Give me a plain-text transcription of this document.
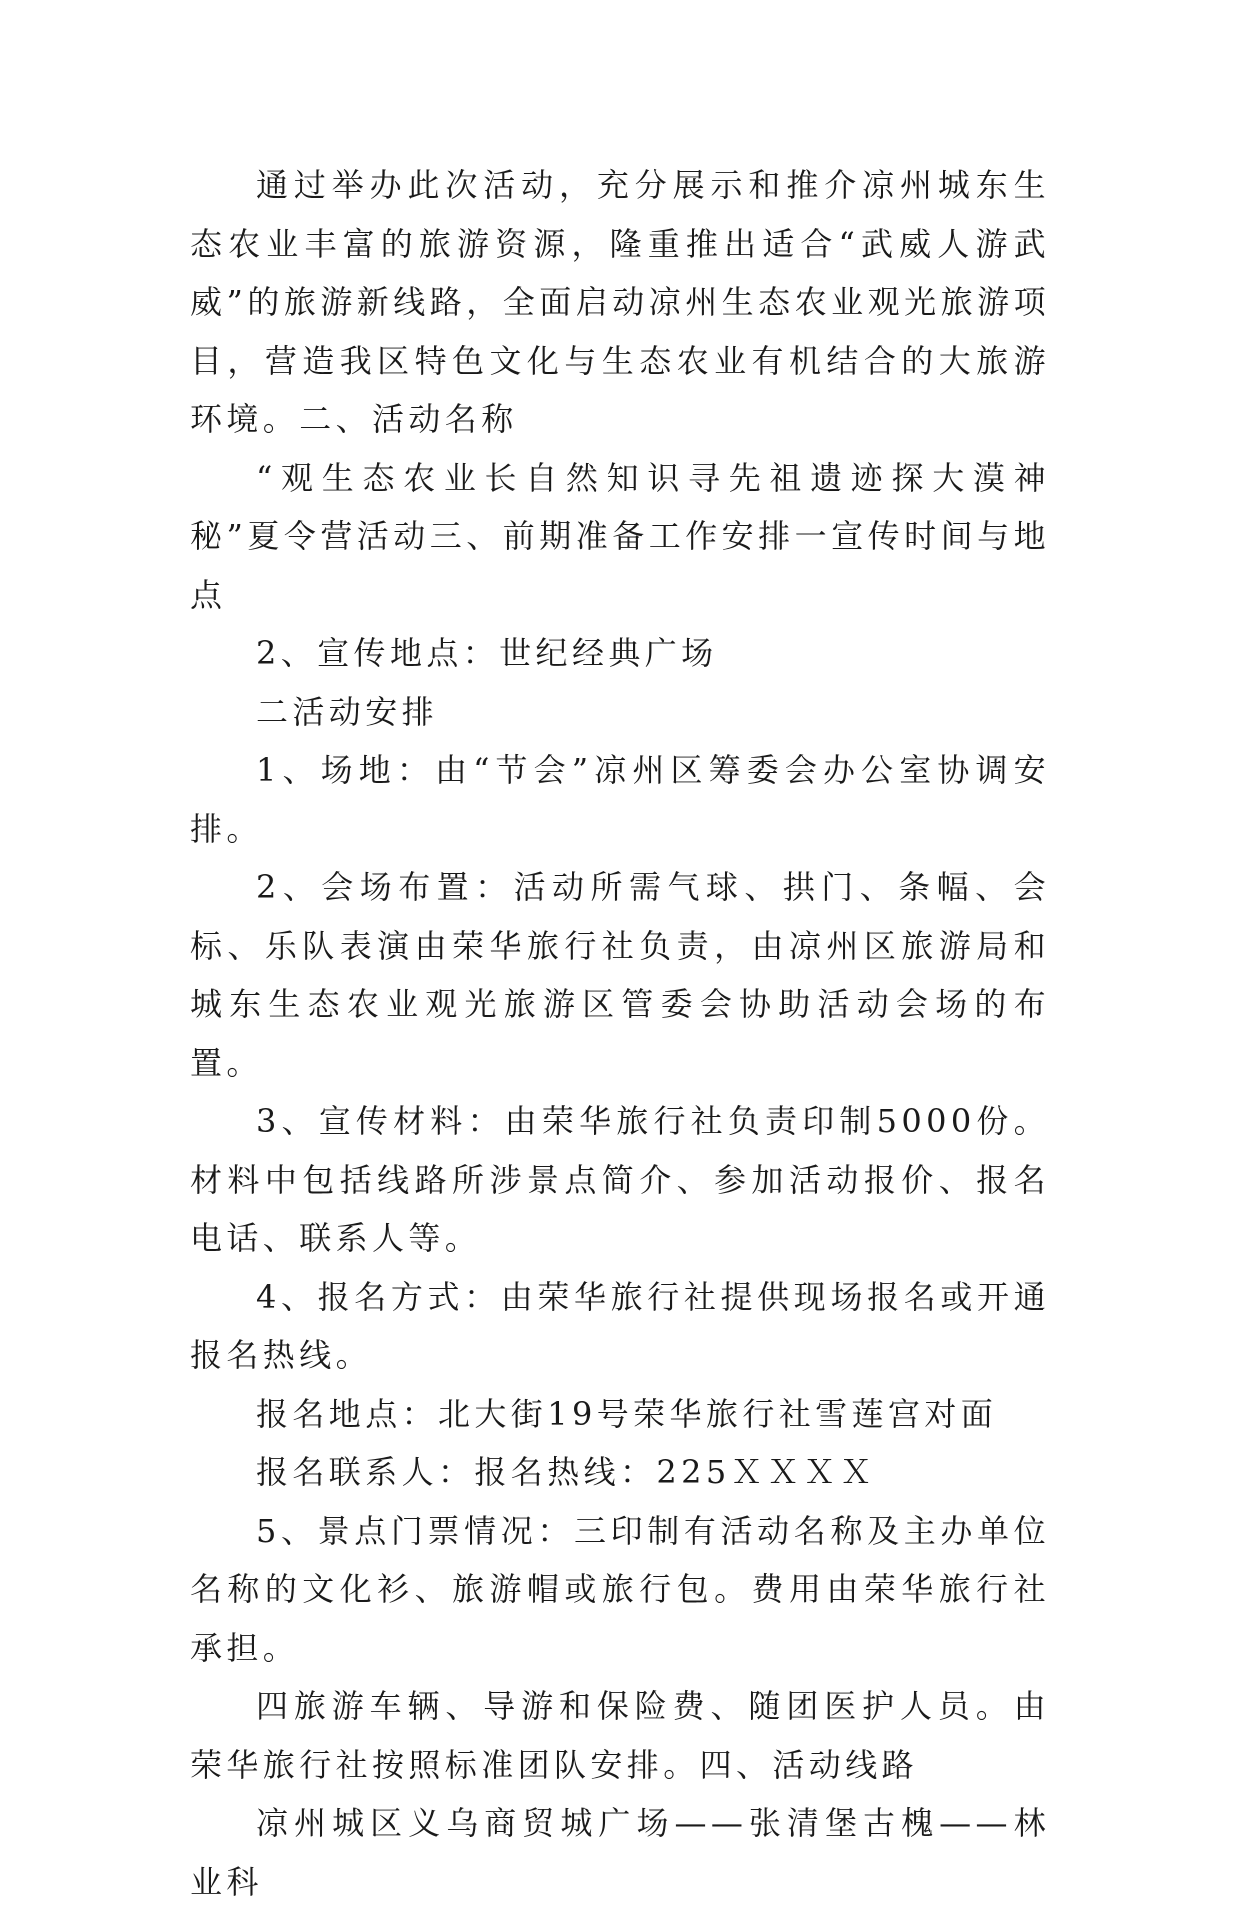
通过举办此次活动，充分展示和推介凉州城东生态农业丰富的旅游资源，隆重推出适合“武威人游武威”的旅游新线路，全面启动凉州生态农业观光旅游项目，营造我区特色文化与生态农业有机结合的大旅游环境。二、活动名称

“观生态农业长自然知识寻先祖遗迹探大漠神秘”夏令营活动三、前期准备工作安排一宣传时间与地点

2、宣传地点：世纪经典广场

二活动安排

1、场地：由“节会”凉州区筹委会办公室协调安排。

2、会场布置：活动所需气球、拱门、条幅、会标、乐队表演由荣华旅行社负责，由凉州区旅游局和城东生态农业观光旅游区管委会协助活动会场的布置。

3、宣传材料：由荣华旅行社负责印制5000份。材料中包括线路所涉景点简介、参加活动报价、报名电话、联系人等。

4、报名方式：由荣华旅行社提供现场报名或开通报名热线。

报名地点：北大街19号荣华旅行社雪莲宫对面

报名联系人：报名热线：225ＸＸＸＸ

5、景点门票情况：三印制有活动名称及主办单位名称的文化衫、旅游帽或旅行包。费用由荣华旅行社承担。

四旅游车辆、导游和保险费、随团医护人员。由荣华旅行社按照标准团队安排。四、活动线路

凉州城区义乌商贸城广场——张清堡古槐——林业科
